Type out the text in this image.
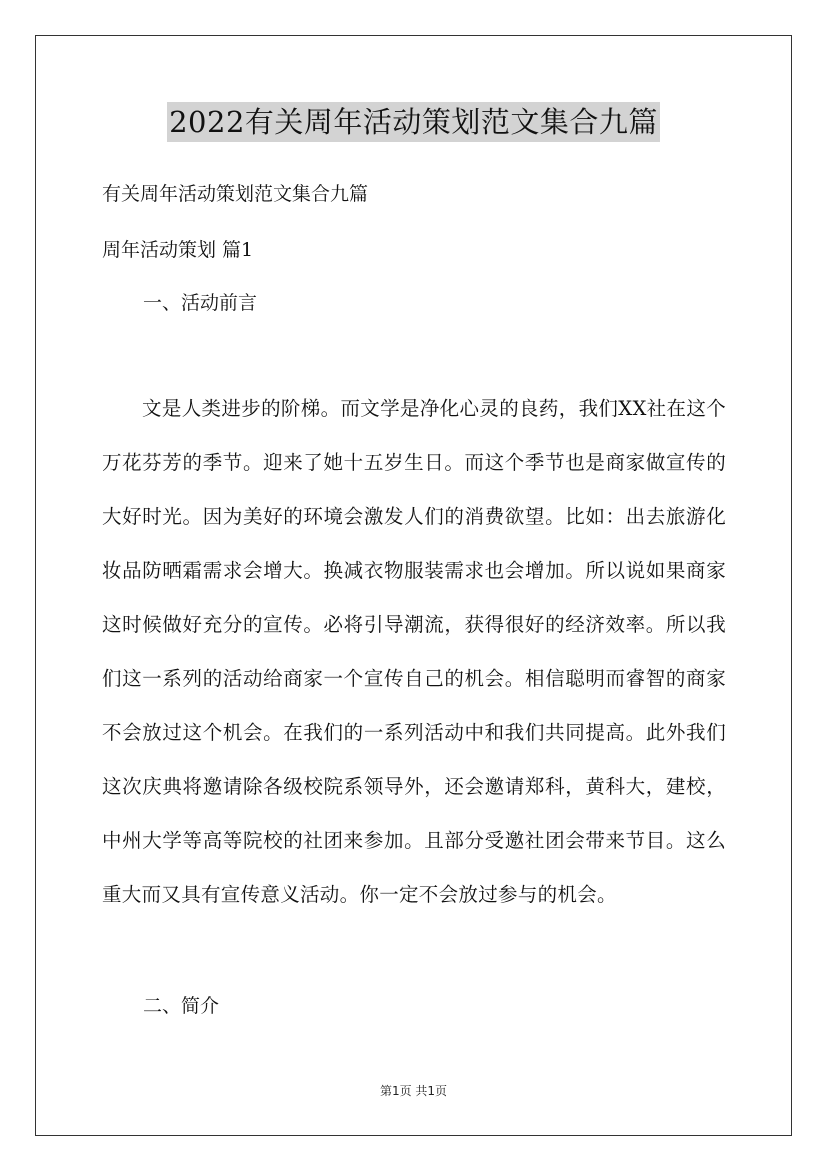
2022有关周年活动策划范文集合九篇
有关周年活动策划范文集合九篇
周年活动策划 篇1
一、活动前言
文是人类进步的阶梯。而文学是净化心灵的良药，我们XX社在这个万花芬芳的季节。迎来了她十五岁生日。而这个季节也是商家做宣传的大好时光。因为美好的环境会激发人们的消费欲望。比如：出去旅游化妆品防晒霜需求会增大。换减衣物服装需求也会增加。所以说如果商家这时候做好充分的宣传。必将引导潮流，获得很好的经济效率。所以我们这一系列的活动给商家一个宣传自己的机会。相信聪明而睿智的商家不会放过这个机会。在我们的一系列活动中和我们共同提高。此外我们这次庆典将邀请除各级校院系领导外，还会邀请郑科，黄科大，建校，中州大学等高等院校的社团来参加。且部分受邀社团会带来节目。这么重大而又具有宣传意义活动。你一定不会放过参与的机会。
二、简介
第1页 共1页
